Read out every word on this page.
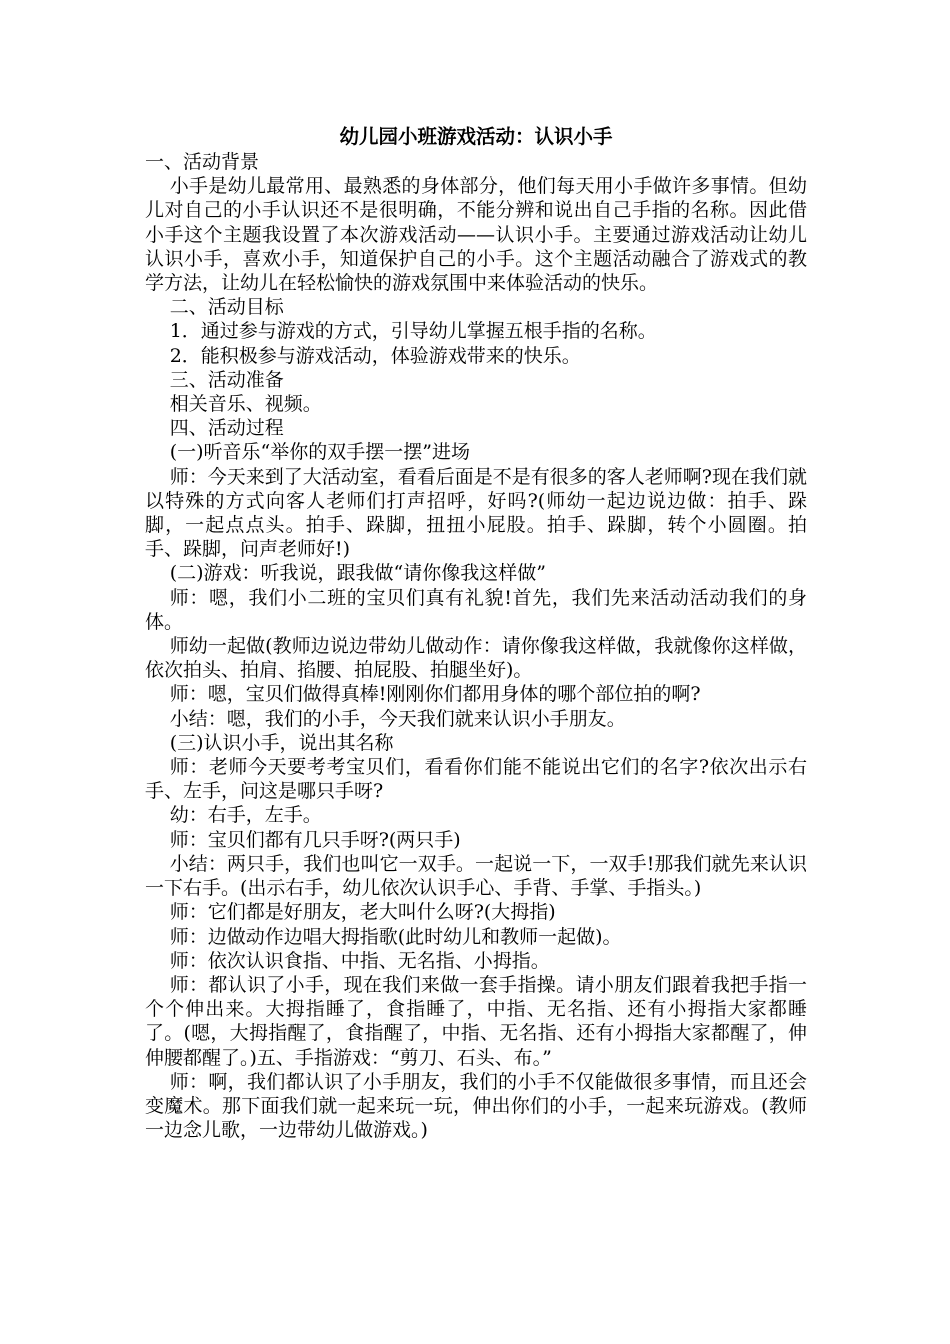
幼儿园小班游戏活动：认识小手

一、活动背景

小手是幼儿最常用、最熟悉的身体部分，他们每天用小手做许多事情。但幼儿对自己的小手认识还不是很明确，不能分辨和说出自己手指的名称。因此借小手这个主题我设置了本次游戏活动——认识小手。主要通过游戏活动让幼儿认识小手，喜欢小手，知道保护自己的小手。这个主题活动融合了游戏式的教学方法，让幼儿在轻松愉快的游戏氛围中来体验活动的快乐。

二、活动目标

1．通过参与游戏的方式，引导幼儿掌握五根手指的名称。

2．能积极参与游戏活动，体验游戏带来的快乐。

三、活动准备

相关音乐、视频。

四、活动过程

(一)听音乐“举你的双手摆一摆”进场

师：今天来到了大活动室，看看后面是不是有很多的客人老师啊?现在我们就以特殊的方式向客人老师们打声招呼，好吗?(师幼一起边说边做：拍手、跺脚，一起点点头。拍手、跺脚，扭扭小屁股。拍手、跺脚，转个小圆圈。拍手、跺脚，问声老师好!)

(二)游戏：听我说，跟我做“请你像我这样做”

师：嗯，我们小二班的宝贝们真有礼貌!首先，我们先来活动活动我们的身体。

师幼一起做(教师边说边带幼儿做动作：请你像我这样做，我就像你这样做，依次拍头、拍肩、掐腰、拍屁股、拍腿坐好)。

师：嗯，宝贝们做得真棒!刚刚你们都用身体的哪个部位拍的啊?

小结：嗯，我们的小手，今天我们就来认识小手朋友。

(三)认识小手，说出其名称

师：老师今天要考考宝贝们，看看你们能不能说出它们的名字?依次出示右手、左手，问这是哪只手呀?

幼：右手，左手。

师：宝贝们都有几只手呀?(两只手)

小结：两只手，我们也叫它一双手。一起说一下，一双手!那我们就先来认识一下右手。(出示右手，幼儿依次认识手心、手背、手掌、手指头。)

师：它们都是好朋友，老大叫什么呀?(大拇指)

师：边做动作边唱大拇指歌(此时幼儿和教师一起做)。

师：依次认识食指、中指、无名指、小拇指。

师：都认识了小手，现在我们来做一套手指操。请小朋友们跟着我把手指一个个伸出来。大拇指睡了，食指睡了，中指、无名指、还有小拇指大家都睡了。(嗯，大拇指醒了，食指醒了，中指、无名指、还有小拇指大家都醒了，伸伸腰都醒了。)五、手指游戏：“剪刀、石头、布。”

师：啊，我们都认识了小手朋友，我们的小手不仅能做很多事情，而且还会变魔术。那下面我们就一起来玩一玩，伸出你们的小手，一起来玩游戏。(教师一边念儿歌，一边带幼儿做游戏。)
